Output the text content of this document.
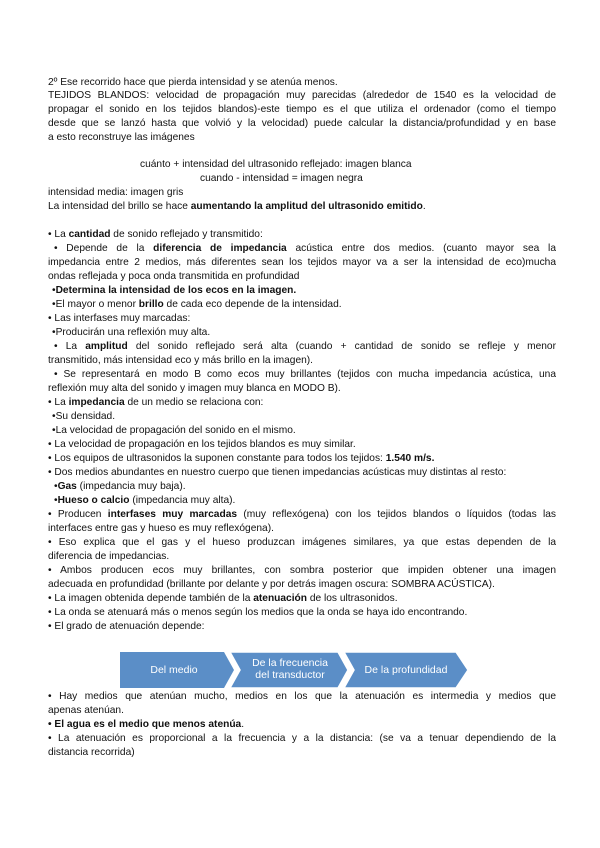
2º Ese recorrido hace que pierda intensidad y se atenúa menos.
TEJIDOS BLANDOS: velocidad de propagación muy parecidas (alrededor de 1540 es la velocidad de
propagar el sonido en los tejidos blandos)-este tiempo es el que utiliza el ordenador (como el tiempo
desde que se lanzó hasta que volvió y la velocidad) puede calcular la distancia/profundidad y en base
a esto reconstruye las imágenes
cuánto + intensidad del ultrasonido reflejado: imagen blanca
cuando - intensidad = imagen negra
intensidad media: imagen gris
La intensidad del brillo se hace aumentando la amplitud del ultrasonido emitido.
• La cantidad de sonido reflejado y transmitido:
• Depende de la diferencia de impedancia acústica entre dos medios. (cuanto mayor sea la
impedancia entre 2 medios, más diferentes sean los tejidos mayor va a ser la intensidad de eco)mucha
ondas reflejada y poca onda transmitida en profundidad
•Determina la intensidad de los ecos en la imagen.
•El mayor o menor brillo de cada eco depende de la intensidad.
• Las interfases muy marcadas:
•Producirán una reflexión muy alta.
• La amplitud del sonido reflejado será alta (cuando + cantidad de sonido se refleje y menor
transmitido, más intensidad eco y más brillo en la imagen).
• Se representará en modo B como ecos muy brillantes (tejidos con mucha impedancia acústica, una
reflexión muy alta del sonido y imagen muy blanca en MODO B).
• La impedancia de un medio se relaciona con:
•Su densidad.
•La velocidad de propagación del sonido en el mismo.
• La velocidad de propagación en los tejidos blandos es muy similar.
• Los equipos de ultrasonidos la suponen constante para todos los tejidos: 1.540 m/s.
• Dos medios abundantes en nuestro cuerpo que tienen impedancias acústicas muy distintas al resto:
•Gas (impedancia muy baja).
•Hueso o calcio (impedancia muy alta).
• Producen interfases muy marcadas (muy reflexógena) con los tejidos blandos o líquidos (todas las
interfaces entre gas y hueso es muy reflexógena).
• Eso explica que el gas y el hueso produzcan imágenes similares, ya que estas dependen de la
diferencia de impedancias.
• Ambos producen ecos muy brillantes, con sombra posterior que impiden obtener una imagen
adecuada en profundidad (brillante por delante y por detrás imagen oscura: SOMBRA ACÚSTICA).
• La imagen obtenida depende también de la atenuación de los ultrasonidos.
• La onda se atenuará más o menos según los medios que la onda se haya ido encontrando.
• El grado de atenuación depende:
• Hay medios que atenúan mucho, medios en los que la atenuación es intermedia y medios que
apenas atenúan.
• El agua es el medio que menos atenúa.
• La atenuación es proporcional a la frecuencia y a la distancia: (se va a tenuar dependiendo de la
distancia recorrida)
Del medio
De la frecuencia
del transductor	De la profundidad
